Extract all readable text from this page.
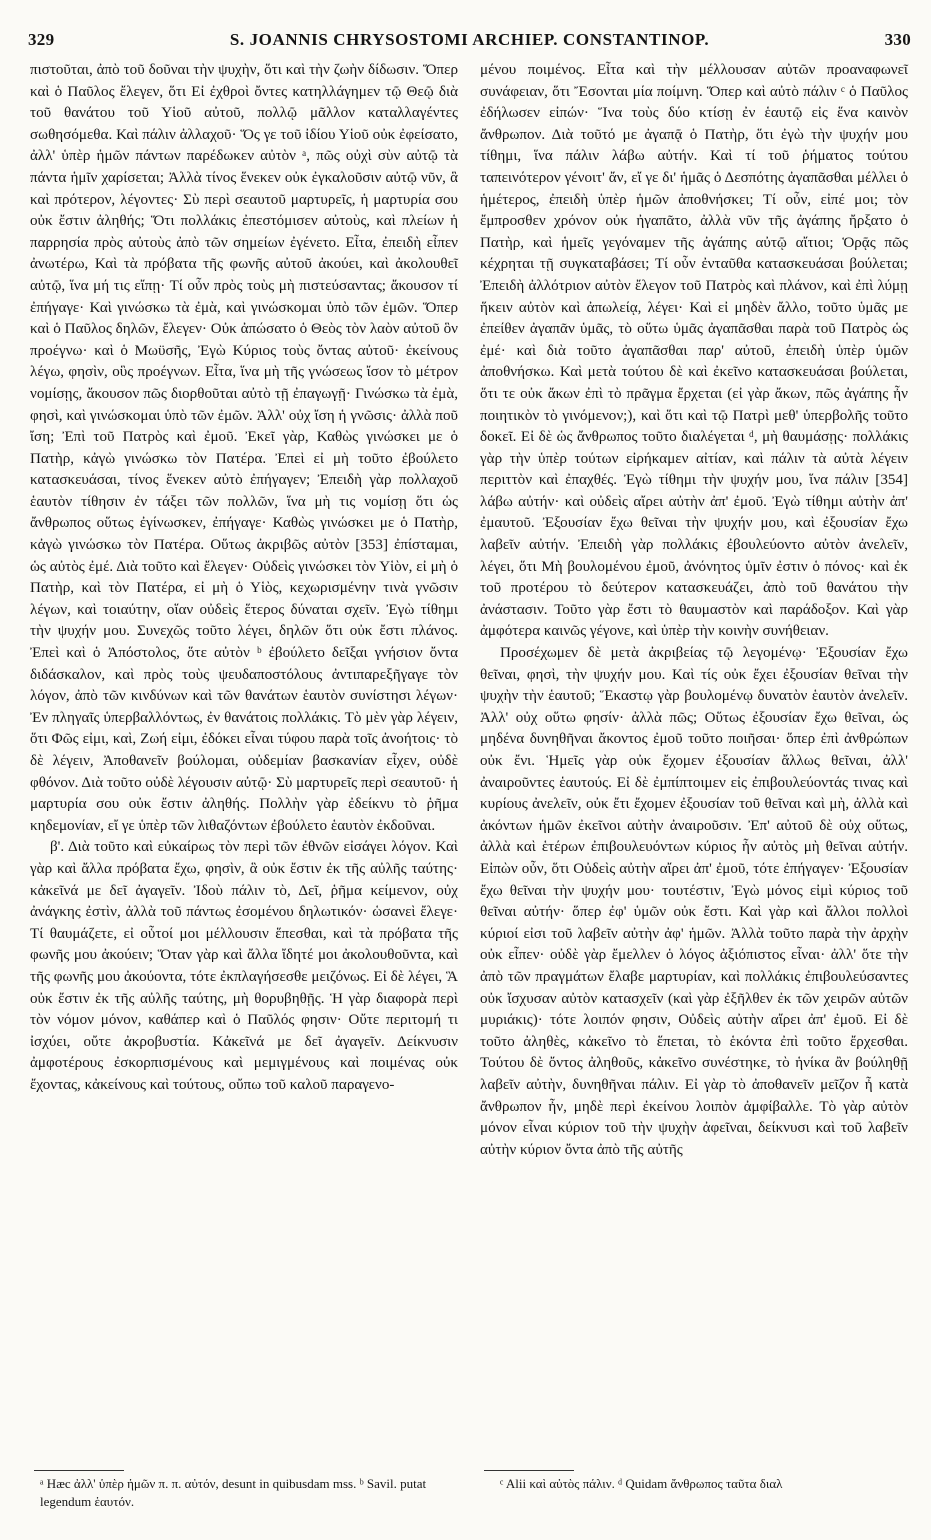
329	S. JOANNIS CHRYSOSTOMI ARCHIEP. CONSTANTINOP.	330

πιστοῦται, ἀπὸ τοῦ δοῦναι τὴν ψυχὴν, ὅτι καὶ τὴν ζωὴν δίδωσιν. Ὅπερ καὶ ὁ Παῦλος ἔλεγεν, ὅτι Εἰ ἐχθροὶ ὄντες κατηλλάγημεν τῷ Θεῷ διὰ τοῦ θανάτου τοῦ Υἱοῦ αὐτοῦ, πολλῷ μᾶλλον καταλλαγέντες σωθησόμεθα. Καὶ πάλιν ἀλλαχοῦ· Ὅς γε τοῦ ἰδίου Υἱοῦ οὐκ ἐφείσατο, ἀλλ' ὑπὲρ ἡμῶν πάντων παρέδωκεν αὐτὸν ᵃ, πῶς οὐχὶ σὺν αὐτῷ τὰ πάντα ἡμῖν χαρίσεται; Ἀλλὰ τίνος ἕνεκεν οὐκ ἐγκαλοῦσιν αὐτῷ νῦν, ἃ καὶ πρότερον, λέγοντες· Σὺ περὶ σεαυτοῦ μαρτυρεῖς, ἡ μαρτυρία σου οὐκ ἔστιν ἀληθής; Ὅτι πολλάκις ἐπεστόμισεν αὐτοὺς, καὶ πλείων ἡ παρρησία πρὸς αὐτοὺς ἀπὸ τῶν σημείων ἐγένετο. Εἶτα, ἐπειδὴ εἶπεν ἀνωτέρω, Καὶ τὰ πρόβατα τῆς φωνῆς αὐτοῦ ἀκούει, καὶ ἀκολουθεῖ αὐτῷ, ἵνα μή τις εἴπῃ· Τί οὖν πρὸς τοὺς μὴ πιστεύσαντας; ἄκουσον τί ἐπήγαγε· Καὶ γινώσκω τὰ ἐμὰ, καὶ γινώσκομαι ὑπὸ τῶν ἐμῶν. Ὅπερ καὶ ὁ Παῦλος δηλῶν, ἔλεγεν· Οὐκ ἀπώσατο ὁ Θεὸς τὸν λαὸν αὐτοῦ ὃν προέγνω· καὶ ὁ Μωϋσῆς, Ἐγὼ Κύριος τοὺς ὄντας αὐτοῦ· ἐκείνους λέγω, φησὶν, οὓς προέγνων. Εἶτα, ἵνα μὴ τῆς γνώσεως ἴσον τὸ μέτρον νομίσῃς, ἄκουσον πῶς διορθοῦται αὐτὸ τῇ ἐπαγωγῇ· Γινώσκω τὰ ἐμὰ, φησὶ, καὶ γινώσκομαι ὑπὸ τῶν ἐμῶν. Ἀλλ' οὐχ ἴση ἡ γνῶσις· ἀλλὰ ποῦ ἴση; Ἐπὶ τοῦ Πατρὸς καὶ ἐμοῦ. Ἐκεῖ γὰρ, Καθὼς γινώσκει με ὁ Πατὴρ, κἀγὼ γινώσκω τὸν Πατέρα. Ἐπεὶ εἰ μὴ τοῦτο ἐβούλετο κατασκευάσαι, τίνος ἕνεκεν αὐτὸ ἐπήγαγεν; Ἐπειδὴ γὰρ πολλαχοῦ ἑαυτὸν τίθησιν ἐν τάξει τῶν πολλῶν, ἵνα μὴ τις νομίσῃ ὅτι ὡς ἄνθρωπος οὕτως ἐγίνωσκεν, ἐπήγαγε· Καθὼς γινώσκει με ὁ Πατὴρ, κἀγὼ γινώσκω τὸν Πατέρα. Οὕτως ἀκριβῶς αὐτὸν [353] ἐπίσταμαι, ὡς αὐτὸς ἐμέ. Διὰ τοῦτο καὶ ἔλεγεν· Οὐδεὶς γινώσκει τὸν Υἱὸν, εἰ μὴ ὁ Πατὴρ, καὶ τὸν Πατέρα, εἰ μὴ ὁ Υἱὸς, κεχωρισμένην τινὰ γνῶσιν λέγων, καὶ τοιαύτην, οἵαν οὐδεὶς ἕτερος δύναται σχεῖν. Ἐγὼ τίθημι τὴν ψυχήν μου. Συνεχῶς τοῦτο λέγει, δηλῶν ὅτι οὐκ ἔστι πλάνος. Ἐπεὶ καὶ ὁ Ἀπόστολος, ὅτε αὐτὸν ᵇ ἐβούλετο δεῖξαι γνήσιον ὄντα διδάσκαλον, καὶ πρὸς τοὺς ψευδαποστόλους ἀντιπαρεξῆγαγε τὸν λόγον, ἀπὸ τῶν κινδύνων καὶ τῶν θανάτων ἑαυτὸν συνίστησι λέγων· Ἐν πληγαῖς ὑπερβαλλόντως, ἐν θανάτοις πολλάκις. Τὸ μὲν γὰρ λέγειν, ὅτι Φῶς εἰμι, καὶ, Ζωή εἰμι, ἐδόκει εἶναι τύφου παρὰ τοῖς ἀνοήτοις· τὸ δὲ λέγειν, Ἀποθανεῖν βούλομαι, οὐδεμίαν βασκανίαν εἶχεν, οὐδὲ φθόνον. Διὰ τοῦτο οὐδὲ λέγουσιν αὐτῷ· Σὺ μαρτυρεῖς περὶ σεαυτοῦ· ἡ μαρτυρία σου οὐκ ἔστιν ἀληθής. Πολλὴν γὰρ ἐδείκνυ τὸ ῥῆμα κηδεμονίαν, εἴ γε ὑπὲρ τῶν λιθαζόντων ἐβούλετο ἑαυτὸν ἐκδοῦναι.

β'. Διὰ τοῦτο καὶ εὐκαίρως τὸν περὶ τῶν ἐθνῶν εἰσάγει λόγον. Καὶ γὰρ καὶ ἄλλα πρόβατα ἔχω, φησὶν, ἃ οὐκ ἔστιν ἐκ τῆς αὐλῆς ταύτης· κἀκεῖνά με δεῖ ἀγαγεῖν. Ἰδοὺ πάλιν τὸ, Δεῖ, ῥῆμα κείμενον, οὐχ ἀνάγκης ἐστὶν, ἀλλὰ τοῦ πάντως ἐσομένου δηλωτικόν· ὡσανεὶ ἔλεγε· Τί θαυμάζετε, εἰ οὗτοί μοι μέλλουσιν ἕπεσθαι, καὶ τὰ πρόβατα τῆς φωνῆς μου ἀκούειν; Ὅταν γὰρ καὶ ἄλλα ἴδητέ μοι ἀκολουθοῦντα, καὶ τῆς φωνῆς μου ἀκούοντα, τότε ἐκπλαγήσεσθε μειζόνως. Εἰ δὲ λέγει, Ἃ οὐκ ἔστιν ἐκ τῆς αὐλῆς ταύτης, μὴ θορυβηθῇς. Ἡ γὰρ διαφορὰ περὶ τὸν νόμον μόνον, καθάπερ καὶ ὁ Παῦλός φησιν· Οὔτε περιτομή τι ἰσχύει, οὔτε ἀκροβυστία. Κἀκεῖνά με δεῖ ἀγαγεῖν. Δείκνυσιν ἀμφοτέρους ἐσκορπισμένους καὶ μεμιγμένους καὶ ποιμένας οὐκ ἔχοντας, κἀκείνους καὶ τούτους, οὔπω τοῦ καλοῦ παραγενο-

μένου ποιμένος. Εἶτα καὶ τὴν μέλλουσαν αὐτῶν προαναφωνεῖ συνάφειαν, ὅτι Ἔσονται μία ποίμνη. Ὅπερ καὶ αὐτὸ πάλιν ᶜ ὁ Παῦλος ἐδήλωσεν εἰπών· Ἵνα τοὺς δύο κτίσῃ ἐν ἑαυτῷ εἰς ἕνα καινὸν ἄνθρωπον. Διὰ τοῦτό με ἀγαπᾷ ὁ Πατὴρ, ὅτι ἐγὼ τὴν ψυχήν μου τίθημι, ἵνα πάλιν λάβω αὐτήν. Καὶ τί τοῦ ῥήματος τούτου ταπεινότερον γένοιτ' ἄν, εἴ γε δι' ἡμᾶς ὁ Δεσπότης ἀγαπᾶσθαι μέλλει ὁ ἡμέτερος, ἐπειδὴ ὑπὲρ ἡμῶν ἀποθνήσκει; Τί οὖν, εἰπέ μοι; τὸν ἔμπροσθεν χρόνον οὐκ ἠγαπᾶτο, ἀλλὰ νῦν τῆς ἀγάπης ἤρξατο ὁ Πατὴρ, καὶ ἡμεῖς γεγόναμεν τῆς ἀγάπης αὐτῷ αἴτιοι; Ὁρᾷς πῶς κέχρηται τῇ συγκαταβάσει; Τί οὖν ἐνταῦθα κατασκευάσαι βούλεται; Ἐπειδὴ ἀλλότριον αὐτὸν ἔλεγον τοῦ Πατρὸς καὶ πλάνον, καὶ ἐπὶ λύμῃ ἥκειν αὐτὸν καὶ ἀπωλείᾳ, λέγει· Καὶ εἰ μηδὲν ἄλλο, τοῦτο ὑμᾶς με ἐπείθεν ἀγαπᾶν ὑμᾶς, τὸ οὕτω ὑμᾶς ἀγαπᾶσθαι παρὰ τοῦ Πατρὸς ὡς ἐμέ· καὶ διὰ τοῦτο ἀγαπᾶσθαι παρ' αὐτοῦ, ἐπειδὴ ὑπὲρ ὑμῶν ἀποθνήσκω. Καὶ μετὰ τούτου δὲ καὶ ἐκεῖνο κατασκευάσαι βούλεται, ὅτι τε οὐκ ἄκων ἐπὶ τὸ πρᾶγμα ἔρχεται (εἰ γὰρ ἄκων, πῶς ἀγάπης ἦν ποιητικὸν τὸ γινόμενον;), καὶ ὅτι καὶ τῷ Πατρὶ μεθ' ὑπερβολῆς τοῦτο δοκεῖ. Εἰ δὲ ὡς ἄνθρωπος τοῦτο διαλέγεται ᵈ, μὴ θαυμάσῃς· πολλάκις γὰρ τὴν ὑπὲρ τούτων εἰρήκαμεν αἰτίαν, καὶ πάλιν τὰ αὐτὰ λέγειν περιττὸν καὶ ἐπαχθές. Ἐγὼ τίθημι τὴν ψυχήν μου, ἵνα πάλιν [354] λάβω αὐτήν· καὶ οὐδεὶς αἴρει αὐτὴν ἀπ' ἐμοῦ. Ἐγὼ τίθημι αὐτὴν ἀπ' ἐμαυτοῦ. Ἐξουσίαν ἔχω θεῖναι τὴν ψυχήν μου, καὶ ἐξουσίαν ἔχω λαβεῖν αὐτήν. Ἐπειδὴ γὰρ πολλάκις ἐβουλεύοντο αὐτὸν ἀνελεῖν, λέγει, ὅτι Μὴ βουλομένου ἐμοῦ, ἀνόνητος ὑμῖν ἐστιν ὁ πόνος· καὶ ἐκ τοῦ προτέρου τὸ δεύτερον κατασκευάζει, ἀπὸ τοῦ θανάτου τὴν ἀνάστασιν. Τοῦτο γὰρ ἔστι τὸ θαυμαστὸν καὶ παράδοξον. Καὶ γὰρ ἀμφότερα καινῶς γέγονε, καὶ ὑπὲρ τὴν κοινὴν συνήθειαν.

Προσέχωμεν δὲ μετὰ ἀκριβείας τῷ λεγομένῳ· Ἐξουσίαν ἔχω θεῖναι, φησὶ, τὴν ψυχήν μου. Καὶ τίς οὐκ ἔχει ἐξουσίαν θεῖναι τὴν ψυχὴν τὴν ἑαυτοῦ; Ἕκαστῳ γὰρ βουλομένῳ δυνατὸν ἑαυτὸν ἀνελεῖν. Ἀλλ' οὐχ οὕτω φησίν· ἀλλὰ πῶς; Οὕτως ἐξουσίαν ἔχω θεῖναι, ὡς μηδένα δυνηθῆναι ἄκοντος ἐμοῦ τοῦτο ποιῆσαι· ὅπερ ἐπὶ ἀνθρώπων οὐκ ἔνι. Ἡμεῖς γὰρ οὐκ ἔχομεν ἐξουσίαν ἄλλως θεῖναι, ἀλλ' ἀναιροῦντες ἑαυτούς. Εἰ δὲ ἐμπίπτοιμεν εἰς ἐπιβουλεύοντάς τινας καὶ κυρίους ἀνελεῖν, οὐκ ἔτι ἔχομεν ἐξουσίαν τοῦ θεῖναι καὶ μὴ, ἀλλὰ καὶ ἀκόντων ἡμῶν ἐκεῖνοι αὐτὴν ἀναιροῦσιν. Ἐπ' αὐτοῦ δὲ οὐχ οὕτως, ἀλλὰ καὶ ἑτέρων ἐπιβουλευόντων κύριος ἦν αὐτὸς μὴ θεῖναι αὐτήν. Εἰπὼν οὖν, ὅτι Οὐδεὶς αὐτὴν αἴρει ἀπ' ἐμοῦ, τότε ἐπήγαγεν· Ἐξουσίαν ἔχω θεῖναι τὴν ψυχήν μου· τουτέστιν, Ἐγὼ μόνος εἰμὶ κύριος τοῦ θεῖναι αὐτήν· ὅπερ ἐφ' ὑμῶν οὐκ ἔστι. Καὶ γὰρ καὶ ἄλλοι πολλοὶ κύριοί εἰσι τοῦ λαβεῖν αὐτὴν ἀφ' ἡμῶν. Ἀλλὰ τοῦτο παρὰ τὴν ἀρχὴν οὐκ εἶπεν· οὐδὲ γὰρ ἔμελλεν ὁ λόγος ἀξιόπιστος εἶναι· ἀλλ' ὅτε τὴν ἀπὸ τῶν πραγμάτων ἔλαβε μαρτυρίαν, καὶ πολλάκις ἐπιβουλεύσαντες οὐκ ἴσχυσαν αὐτὸν κατασχεῖν (καὶ γὰρ ἐξῆλθεν ἐκ τῶν χειρῶν αὐτῶν μυριάκις)· τότε λοιπόν φησιν, Οὐδεὶς αὐτὴν αἴρει ἀπ' ἐμοῦ. Εἰ δὲ τοῦτο ἀληθὲς, κἀκεῖνο τὸ ἕπεται, τὸ ἑκόντα ἐπὶ τοῦτο ἔρχεσθαι. Τούτου δὲ ὄντος ἀληθοῦς, κἀκεῖνο συνέστηκε, τὸ ἡνίκα ἂν βούληθῇ λαβεῖν αὐτὴν, δυνηθῆναι πάλιν. Εἰ γὰρ τὸ ἀποθανεῖν μεῖζον ἦ κατὰ ἄνθρωπον ἦν, μηδὲ περὶ ἐκείνου λοιπὸν ἀμφίβαλλε. Τὸ γὰρ αὐτὸν μόνον εἶναι κύριον τοῦ τὴν ψυχὴν ἀφεῖναι, δείκνυσι καὶ τοῦ λαβεῖν αὐτὴν κύριον ὄντα ἀπὸ τῆς αὐτῆς

ᵃ Hæc ἀλλ' ὑπὲρ ἡμῶν π. π. αὐτόν, desunt in quibusdam mss. ᵇ Savil. putat legendum ἑαυτόν.
ᶜ Alii καὶ αὐτὸς πάλιν. ᵈ Quidam ἄνθρωπος ταῦτα διαλ
